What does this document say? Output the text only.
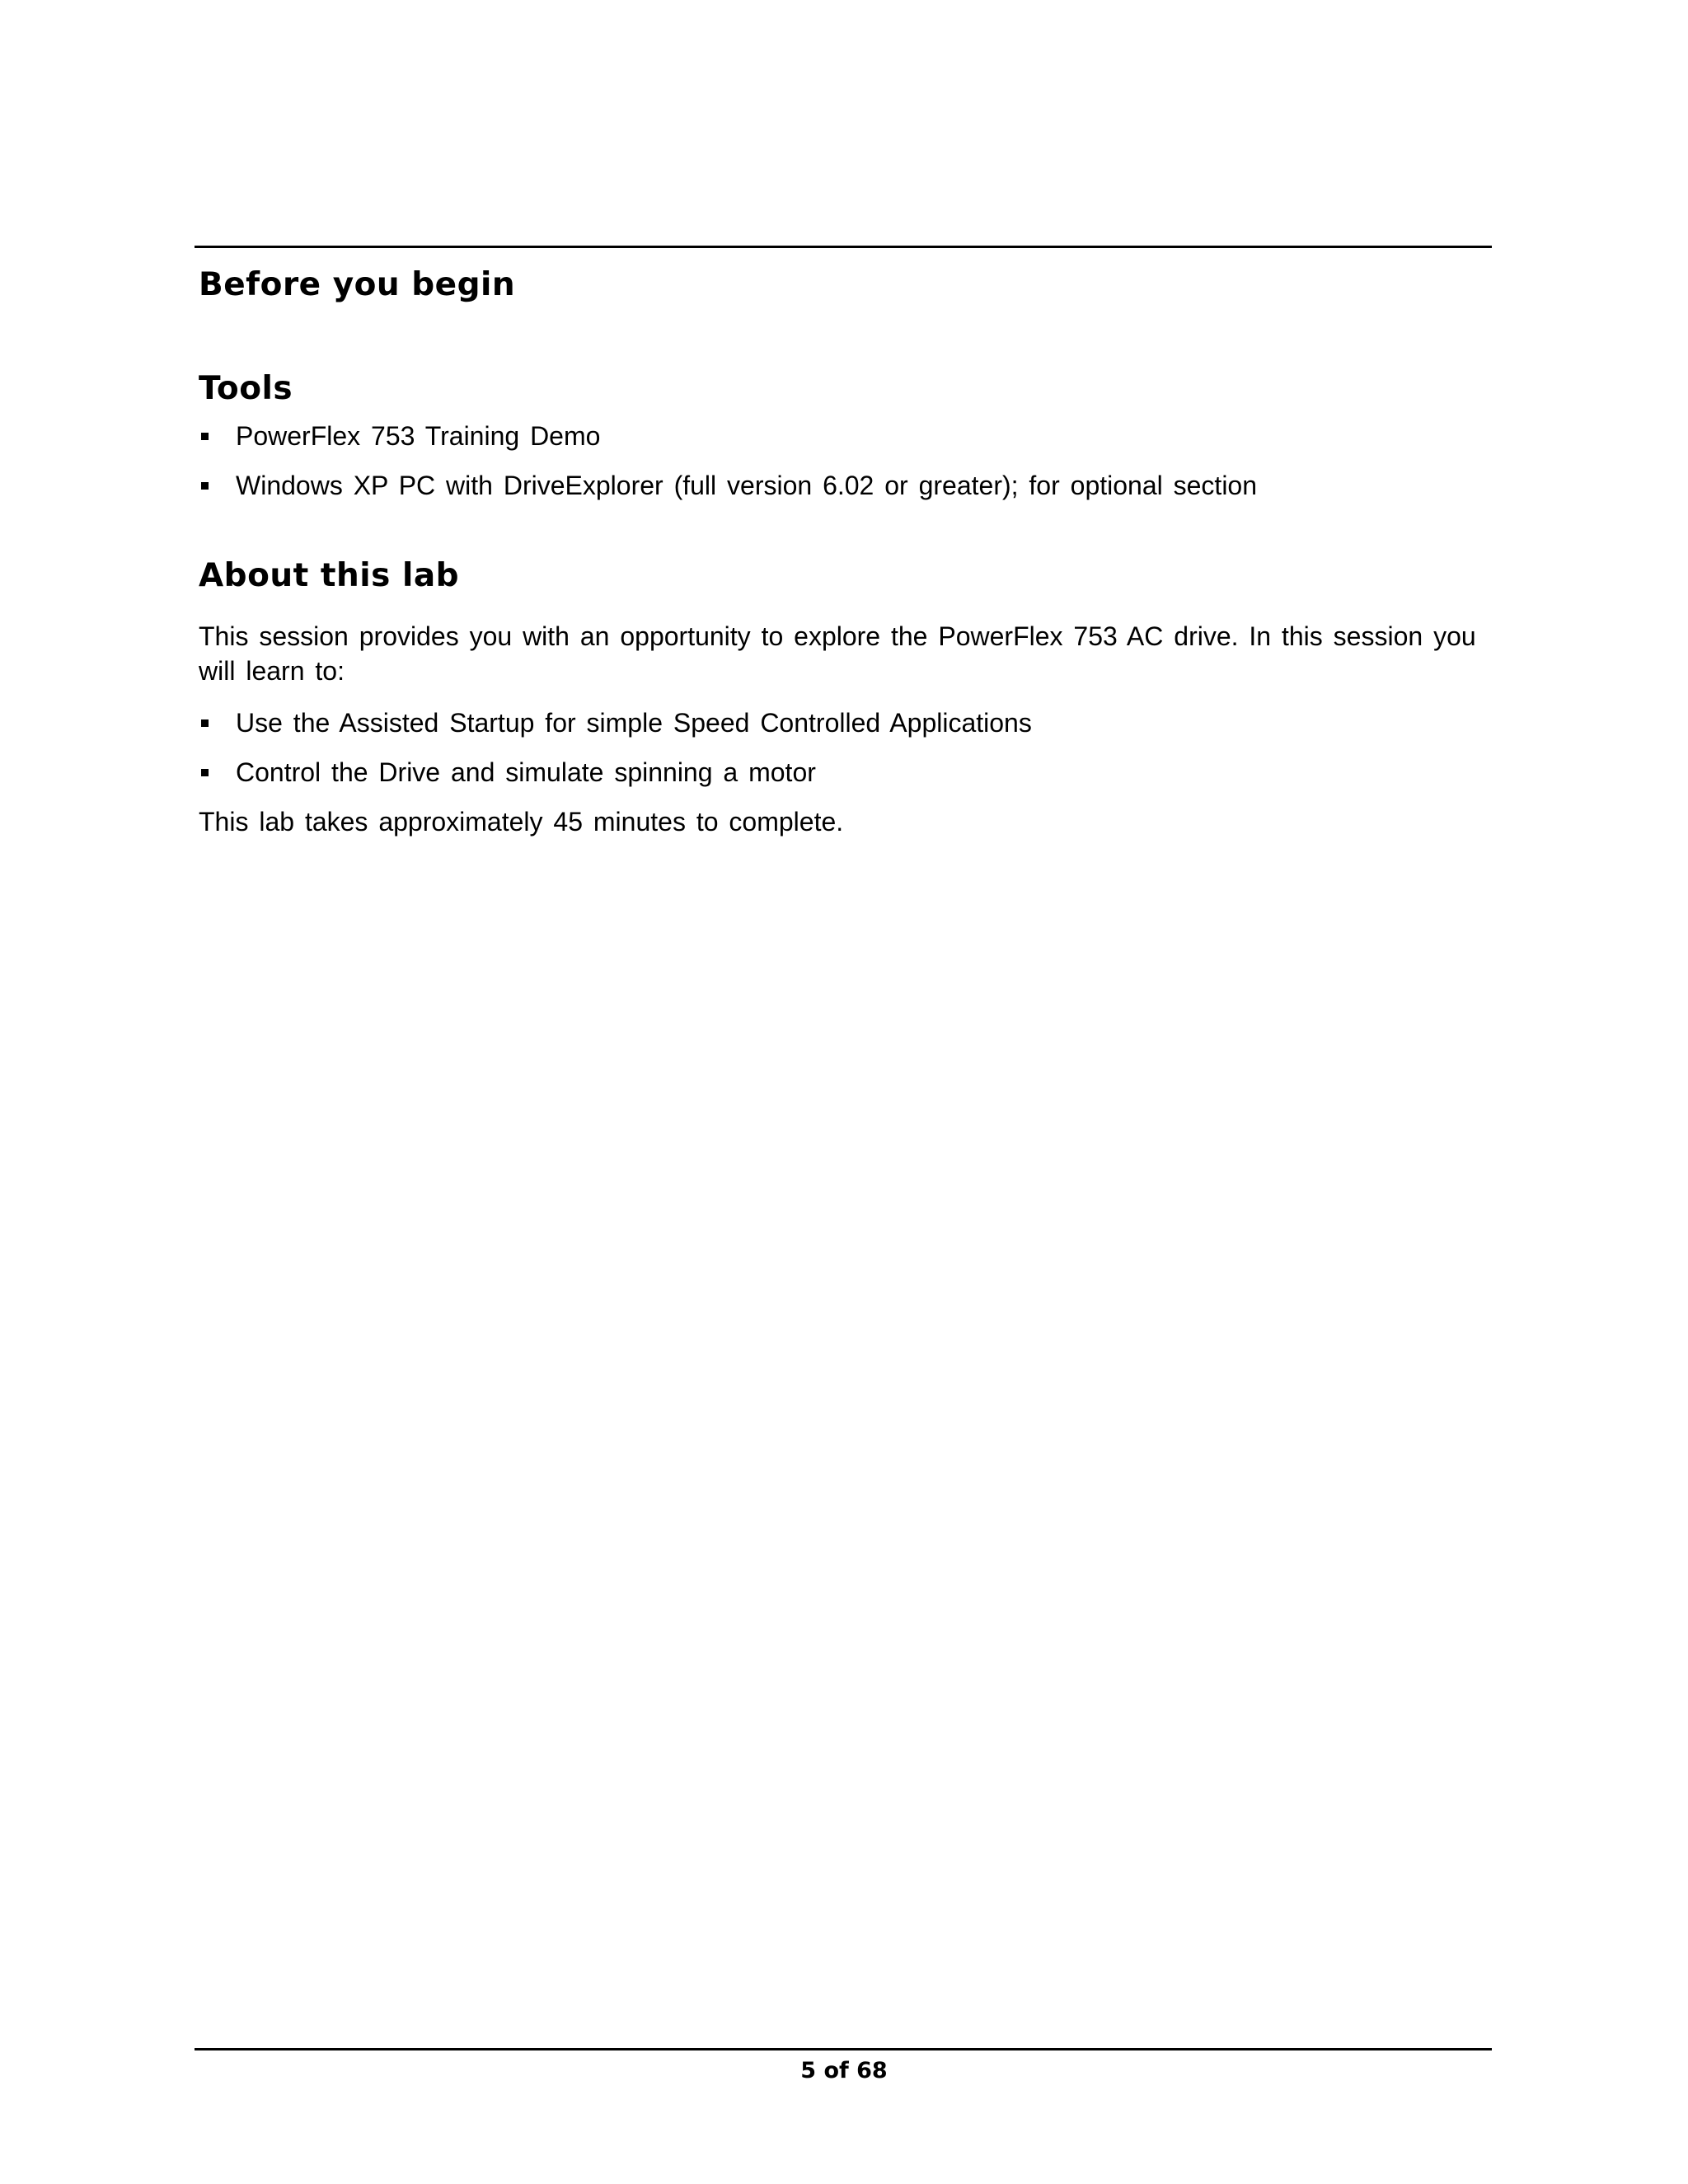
Before you begin
Tools
PowerFlex 753 Training Demo
Windows XP PC with DriveExplorer (full version 6.02 or greater); for optional section
About this lab

This session provides you with an opportunity to explore the PowerFlex 753 AC drive. In this session you will learn to:

Use the Assisted Startup for simple Speed Controlled Applications
Control the Drive and simulate spinning a motor

This lab takes approximately 45 minutes to complete.

5 of 68
